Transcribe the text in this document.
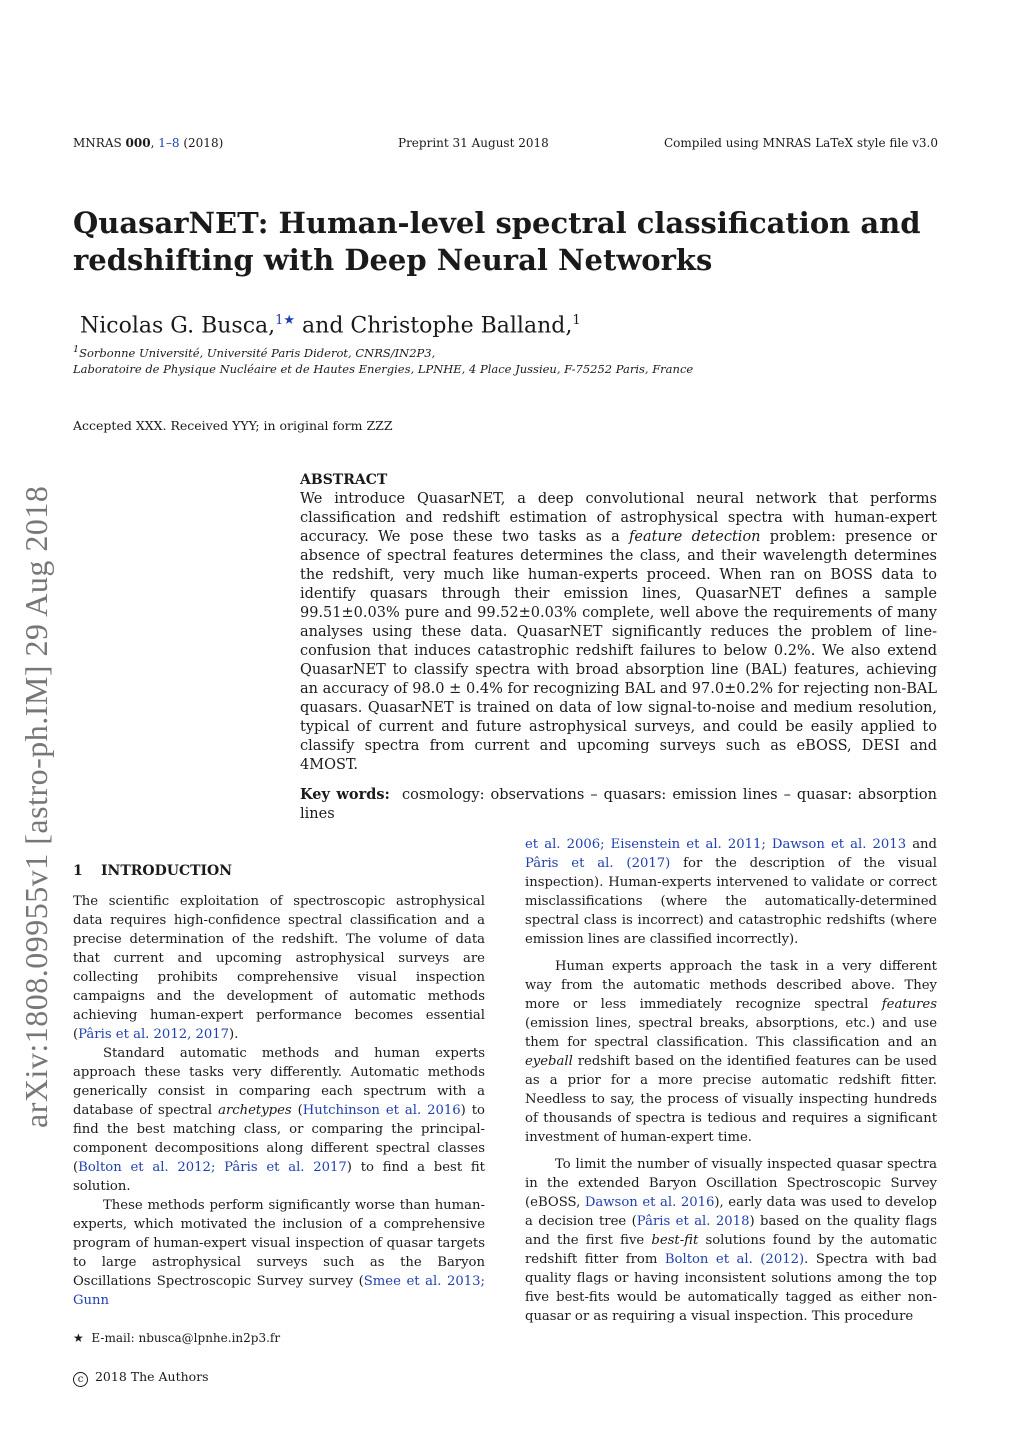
MNRAS 000, 1–8 (2018)	Preprint 31 August 2018	Compiled using MNRAS LaTeX style file v3.0
QuasarNET: Human-level spectral classification and redshifting with Deep Neural Networks
Nicolas G. Busca,$^{1★}$ and Christophe Balland,$^1$
$^1$Sorbonne Université, Université Paris Diderot, CNRS/IN2P3,
Laboratoire de Physique Nucléaire et de Hautes Energies, LPNHE, 4 Place Jussieu, F-75252 Paris, France
Accepted XXX. Received YYY; in original form ZZZ
arXiv:1808.09955v1 [astro-ph.IM] 29 Aug 2018
ABSTRACT
We introduce QuasarNET, a deep convolutional neural network that performs classification and redshift estimation of astrophysical spectra with human-expert accuracy. We pose these two tasks as a feature detection problem: presence or absence of spectral features determines the class, and their wavelength determines the redshift, very much like human-experts proceed. When ran on BOSS data to identify quasars through their emission lines, QuasarNET defines a sample 99.51±0.03% pure and 99.52±0.03% complete, well above the requirements of many analyses using these data. QuasarNET significantly reduces the problem of line-confusion that induces catastrophic redshift failures to below 0.2%. We also extend QuasarNET to classify spectra with broad absorption line (BAL) features, achieving an accuracy of 98.0 ± 0.4% for recognizing BAL and 97.0±0.2% for rejecting non-BAL quasars. QuasarNET is trained on data of low signal-to-noise and medium resolution, typical of current and future astrophysical surveys, and could be easily applied to classify spectra from current and upcoming surveys such as eBOSS, DESI and 4MOST.
Key words: cosmology: observations – quasars: emission lines – quasar: absorption lines
1 INTRODUCTION

The scientific exploitation of spectroscopic astrophysical data requires high-confidence spectral classification and a precise determination of the redshift. The volume of data that current and upcoming astrophysical surveys are collecting prohibits comprehensive visual inspection campaigns and the development of automatic methods achieving human-expert performance becomes essential (Pâris et al. 2012, 2017).

Standard automatic methods and human experts approach these tasks very differently. Automatic methods generically consist in comparing each spectrum with a database of spectral archetypes (Hutchinson et al. 2016) to find the best matching class, or comparing the principal-component decompositions along different spectral classes (Bolton et al. 2012; Pâris et al. 2017) to find a best fit solution.

These methods perform significantly worse than human-experts, which motivated the inclusion of a comprehensive program of human-expert visual inspection of quasar targets to large astrophysical surveys such as the Baryon Oscillations Spectroscopic Survey survey (Smee et al. 2013; Gunn

et al. 2006; Eisenstein et al. 2011; Dawson et al. 2013 and Pâris et al. (2017) for the description of the visual inspection). Human-experts intervened to validate or correct misclassifications (where the automatically-determined spectral class is incorrect) and catastrophic redshifts (where emission lines are classified incorrectly).

Human experts approach the task in a very different way from the automatic methods described above. They more or less immediately recognize spectral features (emission lines, spectral breaks, absorptions, etc.) and use them for spectral classification. This classification and an eyeball redshift based on the identified features can be used as a prior for a more precise automatic redshift fitter. Needless to say, the process of visually inspecting hundreds of thousands of spectra is tedious and requires a significant investment of human-expert time.

To limit the number of visually inspected quasar spectra in the extended Baryon Oscillation Spectroscopic Survey (eBOSS, Dawson et al. 2016), early data was used to develop a decision tree (Pâris et al. 2018) based on the quality flags and the first five best-fit solutions found by the automatic redshift fitter from Bolton et al. (2012). Spectra with bad quality flags or having inconsistent solutions among the top five best-fits would be automatically tagged as either non-quasar or as requiring a visual inspection. This procedure

★ E-mail: nbusca@lpnhe.in2p3.fr
c 2018 The Authors
